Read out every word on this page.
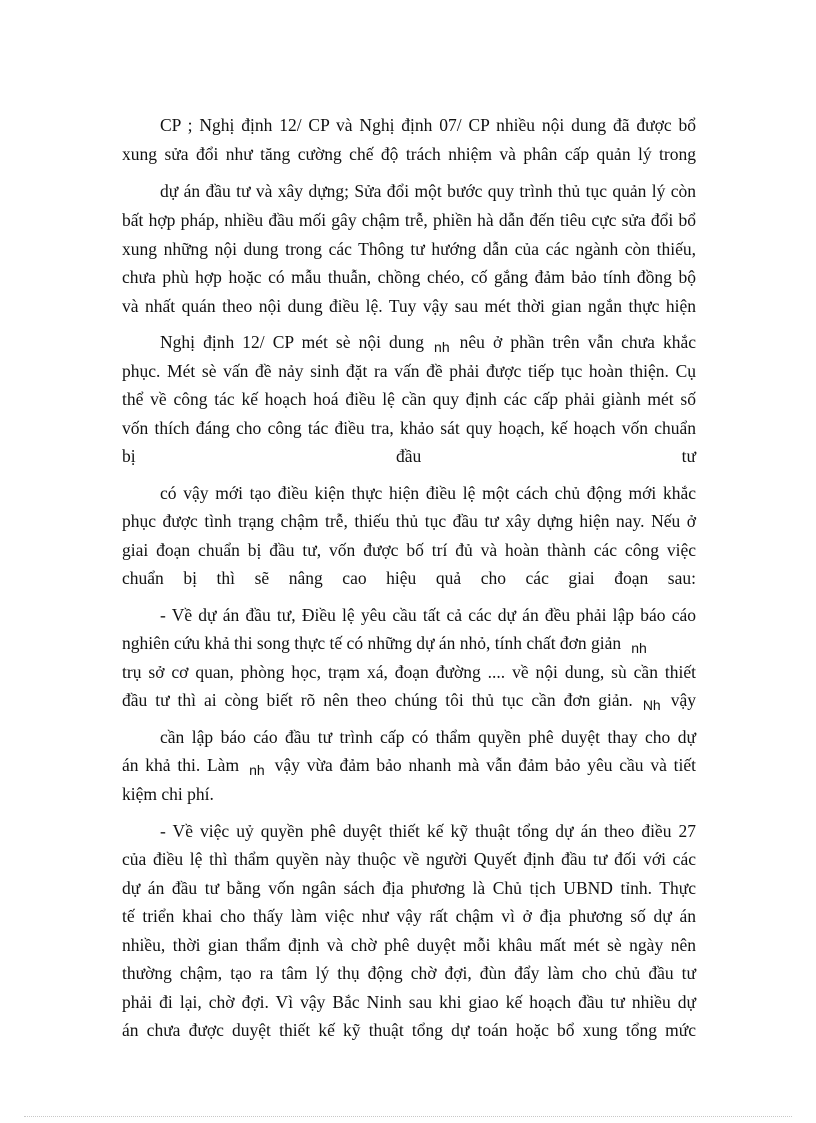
CP ; Nghị định 12/ CP và Nghị định 07/ CP nhiều nội dung đã được bổ
xung sửa đổi như tăng cường chế độ trách nhiệm và phân cấp quản lý trong
dự án đầu tư và xây dựng; Sửa đổi một bước quy trình thủ tục quản lý còn
bất hợp pháp, nhiều đầu mối gây chậm trễ, phiền hà dẫn đến tiêu cực sửa đổi bổ
xung những nội dung trong các Thông tư hướng dẫn của các ngành còn thiếu,
chưa phù hợp hoặc có mẫu thuẫn, chồng chéo, cố gắng đảm bảo tính đồng bộ
và nhất quán theo nội dung điều lệ. Tuy vậy sau mét thời gian ngắn thực hiện
Nghị định 12/ CP mét sè nội dung $_{nh}$ nêu ở phần trên vẫn chưa khắc
phục. Mét sè vấn đề nảy sinh đặt ra vấn đề phải được tiếp tục hoàn thiện. Cụ
thể về công tác kế hoạch hoá điều lệ cần quy định các cấp phải giành mét số
vốn thích đáng cho công tác điều tra, khảo sát quy hoạch, kế hoạch vốn chuẩn
bị	đầu	tư
có vậy mới tạo điều kiện thực hiện điều lệ một cách chủ động mới khắc
phục được tình trạng chậm trễ, thiếu thủ tục đầu tư xây dựng hiện nay. Nếu ở
giai đoạn chuẩn bị đầu tư, vốn được bố trí đủ và hoàn thành các công việc
chuẩn bị thì sẽ nâng cao hiệu quả cho các giai đoạn sau:
- Về dự án đầu tư, Điều lệ yêu cầu tất cả các dự án đều phải lập báo cáo
nghiên cứu khả thi song thực tế có những dự án nhỏ, tính chất đơn giản $_{nh}$
trụ sở cơ quan, phòng học, trạm xá, đoạn đường .... về nội dung, sù cần thiết
đầu tư thì ai còng biết rõ nên theo chúng tôi thủ tục cần đơn giản. $_{Nh}$ vậy
cần lập báo cáo đầu tư trình cấp có thẩm quyền phê duyệt thay cho dự
án khả thi. Làm $_{nh}$ vậy vừa đảm bảo nhanh mà vẫn đảm bảo yêu cầu và tiết
kiệm chi phí.
- Về việc uỷ quyền phê duyệt thiết kế kỹ thuật tổng dự án theo điều 27
của điều lệ thì thẩm quyền này thuộc về người Quyết định đầu tư đối với các
dự án đầu tư bằng vốn ngân sách địa phương là Chủ tịch UBND tỉnh. Thực
tế triển khai cho thấy làm việc như vậy rất chậm vì ở địa phương số dự án
nhiều, thời gian thẩm định và chờ phê duyệt mỗi khâu mất mét sè ngày nên
thường chậm, tạo ra tâm lý thụ động chờ đợi, đùn đẩy làm cho chủ đầu tư
phải đi lại, chờ đợi. Vì vậy Bắc Ninh sau khi giao kế hoạch đầu tư nhiều dự
án chưa được duyệt thiết kế kỹ thuật tổng dự toán hoặc bổ xung tổng mức
